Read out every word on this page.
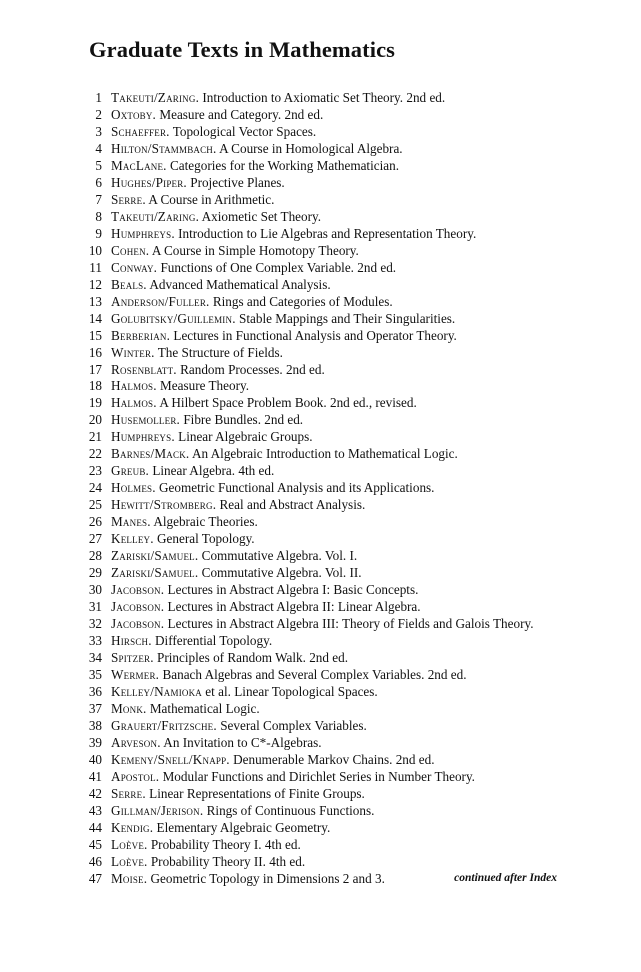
Graduate Texts in Mathematics
1 Takeuti/Zaring. Introduction to Axiomatic Set Theory. 2nd ed.
2 Oxtoby. Measure and Category. 2nd ed.
3 Schaeffer. Topological Vector Spaces.
4 Hilton/Stammbach. A Course in Homological Algebra.
5 MacLane. Categories for the Working Mathematician.
6 Hughes/Piper. Projective Planes.
7 Serre. A Course in Arithmetic.
8 Takeuti/Zaring. Axiometic Set Theory.
9 Humphreys. Introduction to Lie Algebras and Representation Theory.
10 Cohen. A Course in Simple Homotopy Theory.
11 Conway. Functions of One Complex Variable. 2nd ed.
12 Beals. Advanced Mathematical Analysis.
13 Anderson/Fuller. Rings and Categories of Modules.
14 Golubitsky/Guillemin. Stable Mappings and Their Singularities.
15 Berberian. Lectures in Functional Analysis and Operator Theory.
16 Winter. The Structure of Fields.
17 Rosenblatt. Random Processes. 2nd ed.
18 Halmos. Measure Theory.
19 Halmos. A Hilbert Space Problem Book. 2nd ed., revised.
20 Husemoller. Fibre Bundles. 2nd ed.
21 Humphreys. Linear Algebraic Groups.
22 Barnes/Mack. An Algebraic Introduction to Mathematical Logic.
23 Greub. Linear Algebra. 4th ed.
24 Holmes. Geometric Functional Analysis and its Applications.
25 Hewitt/Stromberg. Real and Abstract Analysis.
26 Manes. Algebraic Theories.
27 Kelley. General Topology.
28 Zariski/Samuel. Commutative Algebra. Vol. I.
29 Zariski/Samuel. Commutative Algebra. Vol. II.
30 Jacobson. Lectures in Abstract Algebra I: Basic Concepts.
31 Jacobson. Lectures in Abstract Algebra II: Linear Algebra.
32 Jacobson. Lectures in Abstract Algebra III: Theory of Fields and Galois Theory.
33 Hirsch. Differential Topology.
34 Spitzer. Principles of Random Walk. 2nd ed.
35 Wermer. Banach Algebras and Several Complex Variables. 2nd ed.
36 Kelley/Namioka et al. Linear Topological Spaces.
37 Monk. Mathematical Logic.
38 Grauert/Fritzsche. Several Complex Variables.
39 Arveson. An Invitation to C*-Algebras.
40 Kemeny/Snell/Knapp. Denumerable Markov Chains. 2nd ed.
41 Apostol. Modular Functions and Dirichlet Series in Number Theory.
42 Serre. Linear Representations of Finite Groups.
43 Gillman/Jerison. Rings of Continuous Functions.
44 Kendig. Elementary Algebraic Geometry.
45 Loève. Probability Theory I. 4th ed.
46 Loève. Probability Theory II. 4th ed.
47 Moise. Geometric Topology in Dimensions 2 and 3.	continued after Index
